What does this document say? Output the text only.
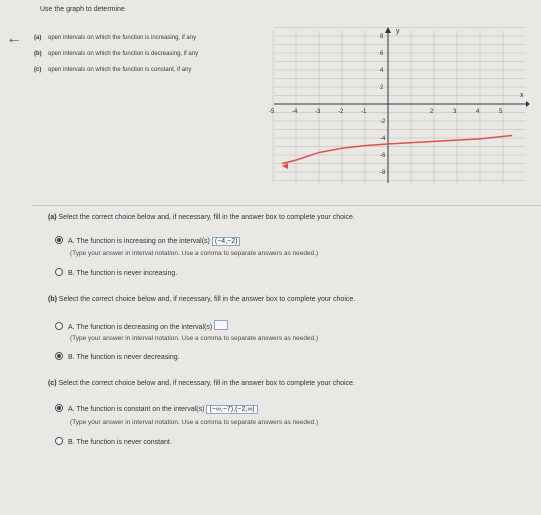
←
Use the graph to determine
(a) open intervals on which the function is increasing, if any
(b) open intervals on which the function is decreasing, if any
(c) open intervals on which the function is constant, if any
y
x
-5	-4	-3	-2	-1	2	3	4	5
8
6
4
2
-2
-4
-6
-8
(a) Select the correct choice below and, if necessary, fill in the answer box to complete your choice.
A. The function is increasing on the interval(s) (−4,−2)
(Type your answer in interval notation. Use a comma to separate answers as needed.)
B. The function is never increasing.
(b) Select the correct choice below and, if necessary, fill in the answer box to complete your choice.
A. The function is decreasing on the interval(s)
(Type your answer in interval notation. Use a comma to separate answers as needed.)
B. The function is never decreasing.
(c) Select the correct choice below and, if necessary, fill in the answer box to complete your choice.
A. The function is constant on the interval(s) (−∞,−7),(−2,∞)
(Type your answer in interval notation. Use a comma to separate answers as needed.)
B. The function is never constant.
